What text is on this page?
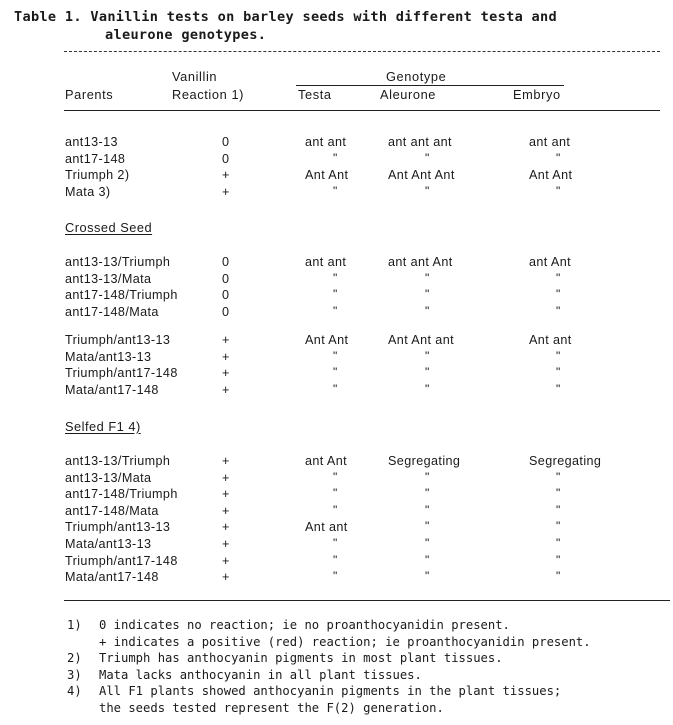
Table 1. Vanillin tests on barley seeds with different testa and
aleurone genotypes.
Vanillin	Genotype
Parents	Reaction 1)	Testa	Aleurone	Embryo
ant13-13	0	ant ant	ant ant ant	ant ant
ant17-148	0	"	"	"
Triumph 2)	+	Ant Ant	Ant Ant Ant	Ant Ant
Mata 3)	+	"	"	"
Crossed Seed
ant13-13/Triumph	0	ant ant	ant ant Ant	ant Ant
ant13-13/Mata	0	"	"	"
ant17-148/Triumph	0	"	"	"
ant17-148/Mata	0	"	"	"
Triumph/ant13-13	+	Ant Ant	Ant Ant ant	Ant ant
Mata/ant13-13	+	"	"	"
Triumph/ant17-148	+	"	"	"
Mata/ant17-148	+	"	"	"
Selfed F1 4)
ant13-13/Triumph	+	ant Ant	Segregating	Segregating
ant13-13/Mata	+	"	"	"
ant17-148/Triumph	+	"	"	"
ant17-148/Mata	+	"	"	"
Triumph/ant13-13	+	Ant ant	"	"
Mata/ant13-13	+	"	"	"
Triumph/ant17-148	+	"	"	"
Mata/ant17-148	+	"	"	"
1) 0 indicates no reaction; ie no proanthocyanidin present.
+ indicates a positive (red) reaction; ie proanthocyanidin present.
2) Triumph has anthocyanin pigments in most plant tissues.
3) Mata lacks anthocyanin in all plant tissues.
4) All F1 plants showed anthocyanin pigments in the plant tissues;
the seeds tested represent the F(2) generation.
